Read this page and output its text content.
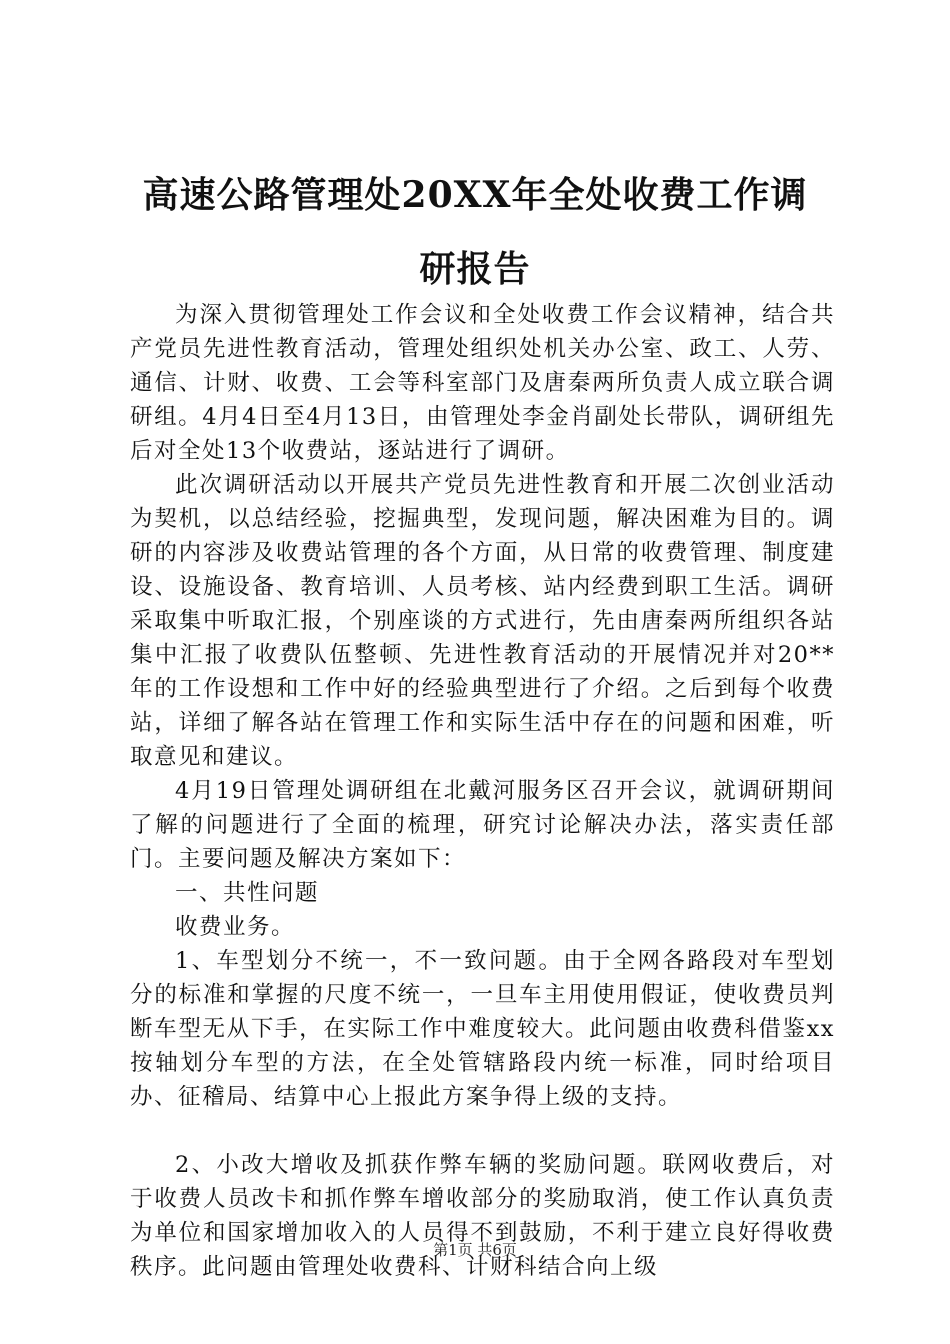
高速公路管理处20XX年全处收费工作调研报告

为深入贯彻管理处工作会议和全处收费工作会议精神，结合共产党员先进性教育活动，管理处组织处机关办公室、政工、人劳、通信、计财、收费、工会等科室部门及唐秦两所负责人成立联合调研组。4月4日至4月13日，由管理处李金肖副处长带队，调研组先后对全处13个收费站，逐站进行了调研。

此次调研活动以开展共产党员先进性教育和开展二次创业活动为契机，以总结经验，挖掘典型，发现问题，解决困难为目的。调研的内容涉及收费站管理的各个方面，从日常的收费管理、制度建设、设施设备、教育培训、人员考核、站内经费到职工生活。调研采取集中听取汇报，个别座谈的方式进行，先由唐秦两所组织各站集中汇报了收费队伍整顿、先进性教育活动的开展情况并对20**年的工作设想和工作中好的经验典型进行了介绍。之后到每个收费站，详细了解各站在管理工作和实际生活中存在的问题和困难，听取意见和建议。

4月19日管理处调研组在北戴河服务区召开会议，就调研期间了解的问题进行了全面的梳理，研究讨论解决办法，落实责任部门。主要问题及解决方案如下：

一、共性问题

收费业务。

1、车型划分不统一，不一致问题。由于全网各路段对车型划分的标准和掌握的尺度不统一，一旦车主用使用假证，使收费员判断车型无从下手，在实际工作中难度较大。此问题由收费科借鉴xx按轴划分车型的方法，在全处管辖路段内统一标准，同时给项目办、征稽局、结算中心上报此方案争得上级的支持。

2、小改大增收及抓获作弊车辆的奖励问题。联网收费后，对于收费人员改卡和抓作弊车增收部分的奖励取消，使工作认真负责为单位和国家增加收入的人员得不到鼓励，不利于建立良好得收费秩序。此问题由管理处收费科、计财科结合向上级

第1页 共6页
